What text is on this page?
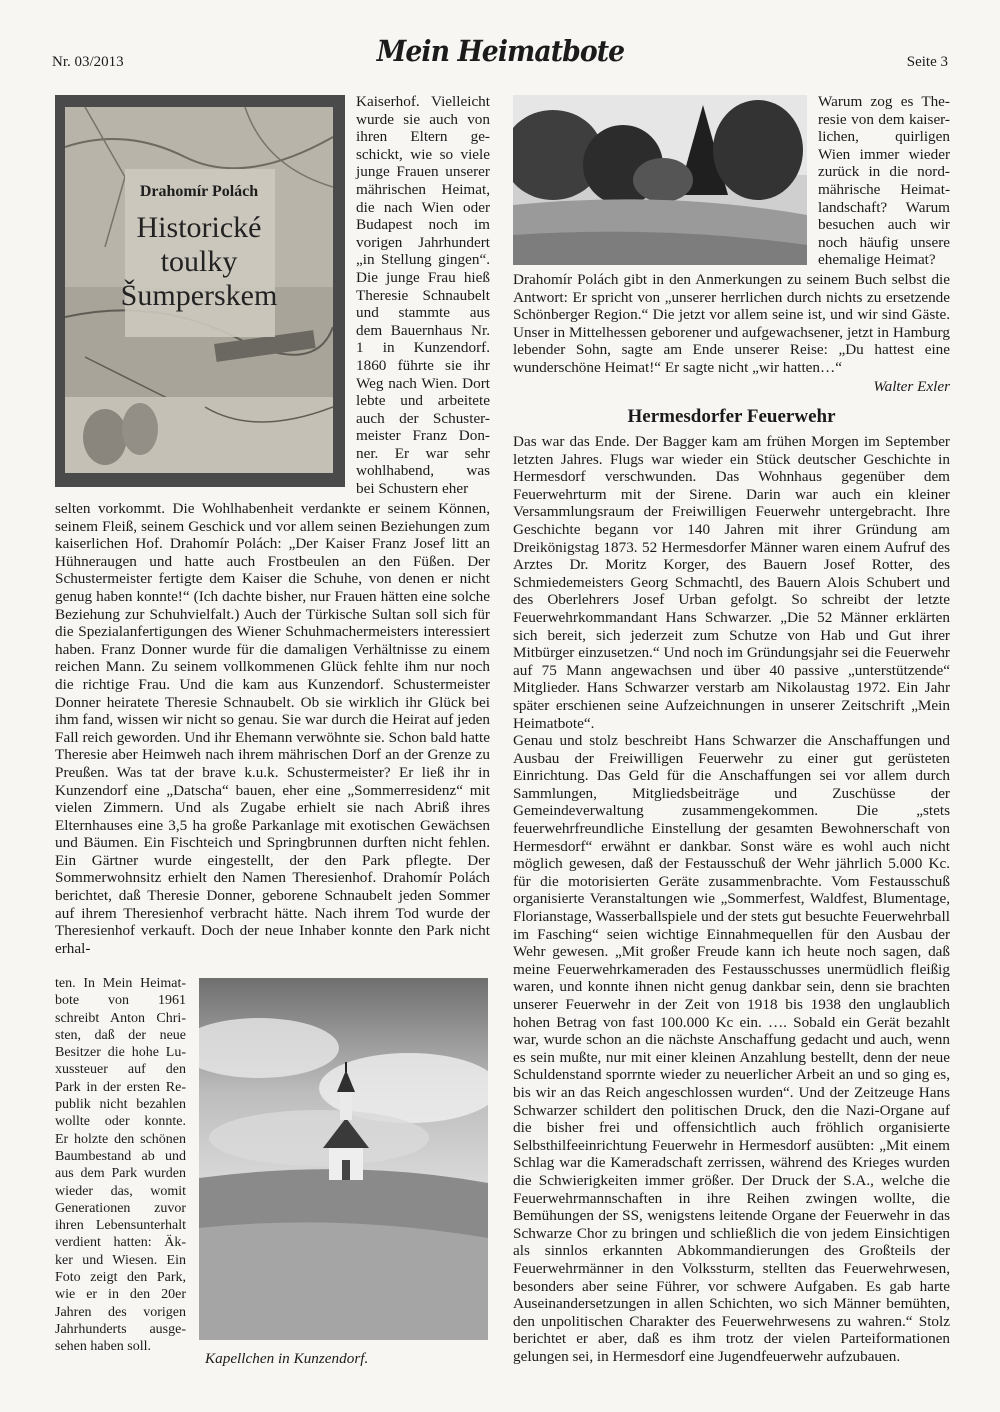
Nr. 03/2013	Mein Heimatbote	Seite 3
Drahomír Polách
Historické
toulky
Šumperskem
Kaiserhof. Vielleicht
wurde sie auch von
ihren Eltern ge-
schickt, wie so viele
junge Frauen unserer
mährischen Heimat,
die nach Wien oder
Budapest noch im
vorigen Jahrhundert
„in Stellung gingen“.
Die junge Frau hieß
Theresie Schnaubelt
und stammte aus
dem Bauernhaus Nr.
1 in Kunzendorf.
1860 führte sie ihr
Weg nach Wien. Dort
lebte und arbeitete
auch der Schuster-
meister Franz Don-
ner. Er war sehr
wohlhabend, was
bei Schustern eher

selten vorkommt. Die Wohlhabenheit verdankte er seinem Können, seinem Fleiß, seinem Geschick und vor allem seinen Beziehungen zum kaiserlichen Hof. Drahomír Polách: „Der Kaiser Franz Josef litt an Hühneraugen und hatte auch Frostbeulen an den Füßen. Der Schustermeister fertigte dem Kaiser die Schuhe, von denen er nicht genug haben konnte!“ (Ich dachte bisher, nur Frauen hätten eine solche Beziehung zur Schuhvielfalt.) Auch der Türkische Sultan soll sich für die Spezialanfertigungen des Wiener Schuhmachermeisters interessiert haben. Franz Donner wurde für die damaligen Verhältnisse zu einem reichen Mann. Zu seinem vollkommenen Glück fehlte ihm nur noch die richtige Frau. Und die kam aus Kunzendorf. Schustermeister Donner heiratete Theresie Schnaubelt. Ob sie wirklich ihr Glück bei ihm fand, wissen wir nicht so genau. Sie war durch die Heirat auf jeden Fall reich geworden. Und ihr Ehemann verwöhnte sie. Schon bald hatte Theresie aber Heimweh nach ihrem mährischen Dorf an der Grenze zu Preußen. Was tat der brave k.u.k. Schustermeister? Er ließ ihr in Kunzendorf eine „Datscha“ bauen, eher eine „Sommerresidenz“ mit vielen Zimmern. Und als Zugabe erhielt sie nach Abriß ihres Elternhauses eine 3,5 ha große Parkanlage mit exotischen Gewächsen und Bäumen. Ein Fischteich und Springbrunnen durften nicht fehlen. Ein Gärtner wurde eingestellt, der den Park pflegte. Der Sommerwohnsitz erhielt den Namen Theresienhof. Drahomír Polách berichtet, daß Theresie Donner, geborene Schnaubelt jeden Sommer auf ihrem Theresienhof verbracht hätte. Nach ihrem Tod wurde der Theresienhof verkauft. Doch der neue Inhaber konnte den Park nicht erhal-

ten. In Mein Heimat-
bote von 1961
schreibt Anton Chri-
sten, daß der neue
Besitzer die hohe Lu-
xussteuer auf den
Park in der ersten Re-
publik nicht bezahlen
wollte oder konnte.
Er holzte den schönen
Baumbestand ab und
aus dem Park wurden
wieder das, womit
Generationen zuvor
ihren Lebensunterhalt
verdient hatten: Äk-
ker und Wiesen. Ein
Foto zeigt den Park,
wie er in den 20er
Jahren des vorigen
Jahrhunderts ausge-
sehen haben soll.
Kapellchen in Kunzendorf.
Warum zog es The-
resie von dem kaiser-
lichen, quirligen
Wien immer wieder
zurück in die nord-
mährische Heimat-
landschaft? Warum
besuchen auch wir
noch häufig unsere
ehemalige Heimat?

Drahomír Polách gibt in den Anmerkungen zu seinem Buch selbst die Antwort: Er spricht von „unserer herrlichen durch nichts zu ersetzende Schönberger Region.“ Die jetzt vor allem seine ist, und wir sind Gäste. Unser in Mittelhessen geborener und aufgewachsener, jetzt in Hamburg lebender Sohn, sagte am Ende unserer Reise: „Du hattest eine wunderschöne Heimat!“ Er sagte nicht „wir hatten…“

Walter Exler
Hermesdorfer Feuerwehr

Das war das Ende. Der Bagger kam am frühen Morgen im September letzten Jahres. Flugs war wieder ein Stück deutscher Geschichte in Hermesdorf verschwunden. Das Wohnhaus gegenüber dem Feuerwehrturm mit der Sirene. Darin war auch ein kleiner Versammlungsraum der Freiwilligen Feuerwehr untergebracht. Ihre Geschichte begann vor 140 Jahren mit ihrer Gründung am Dreikönigstag 1873. 52 Hermesdorfer Männer waren einem Aufruf des Arztes Dr. Moritz Korger, des Bauern Josef Rotter, des Schmiedemeisters Georg Schmachtl, des Bauern Alois Schubert und des Oberlehrers Josef Urban gefolgt. So schreibt der letzte Feuerwehrkommandant Hans Schwarzer. „Die 52 Männer erklärten sich bereit, sich jederzeit zum Schutze von Hab und Gut ihrer Mitbürger einzusetzen.“ Und noch im Gründungsjahr sei die Feuerwehr auf 75 Mann angewachsen und über 40 passive „unterstützende“ Mitglieder. Hans Schwarzer verstarb am Nikolaustag 1972. Ein Jahr später erschienen seine Aufzeichnungen in unserer Zeitschrift „Mein Heimatbote“.

Genau und stolz beschreibt Hans Schwarzer die Anschaffungen und Ausbau der Freiwilligen Feuerwehr zu einer gut gerüsteten Einrichtung. Das Geld für die Anschaffungen sei vor allem durch Sammlungen, Mitgliedsbeiträge und Zuschüsse der Gemeindeverwaltung zusammengekommen. Die „stets feuerwehrfreundliche Einstellung der gesamten Bewohnerschaft von Hermesdorf“ erwähnt er dankbar. Sonst wäre es wohl auch nicht möglich gewesen, daß der Festausschuß der Wehr jährlich 5.000 Kc. für die motorisierten Geräte zusammenbrachte. Vom Festausschuß organisierte Veranstaltungen wie „Sommerfest, Waldfest, Blumentage, Florianstage, Wasserballspiele und der stets gut besuchte Feuerwehrball im Fasching“ seien wichtige Einnahmequellen für den Ausbau der Wehr gewesen. „Mit großer Freude kann ich heute noch sagen, daß meine Feuerwehrkameraden des Festausschusses unermüdlich fleißig waren, und konnte ihnen nicht genug dankbar sein, denn sie brachten unserer Feuerwehr in der Zeit von 1918 bis 1938 den unglaublich hohen Betrag von fast 100.000 Kc ein. …. Sobald ein Gerät bezahlt war, wurde schon an die nächste Anschaffung gedacht und auch, wenn es sein mußte, nur mit einer kleinen Anzahlung bestellt, denn der neue Schuldenstand sporrnte wieder zu neuerlicher Arbeit an und so ging es, bis wir an das Reich angeschlossen wurden“. Und der Zeitzeuge Hans Schwarzer schildert den politischen Druck, den die Nazi-Organe auf die bisher frei und offensichtlich auch fröhlich organisierte Selbsthilfeeinrichtung Feuerwehr in Hermesdorf ausübten: „Mit einem Schlag war die Kameradschaft zerrissen, während des Krieges wurden die Schwierigkeiten immer größer. Der Druck der S.A., welche die Feuerwehrmannschaften in ihre Reihen zwingen wollte, die Bemühungen der SS, wenigstens leitende Organe der Feuerwehr in das Schwarze Chor zu bringen und schließlich die von jedem Einsichtigen als sinnlos erkannten Abkommandierungen des Großteils der Feuerwehrmänner in den Volkssturm, stellten das Feuerwehrwesen, besonders aber seine Führer, vor schwere Aufgaben. Es gab harte Auseinandersetzungen in allen Schichten, wo sich Männer bemühten, den unpolitischen Charakter des Feuerwehrwesens zu wahren.“ Stolz berichtet er aber, daß es ihm trotz der vielen Parteiformationen gelungen sei, in Hermesdorf eine Jugendfeuerwehr aufzubauen.
